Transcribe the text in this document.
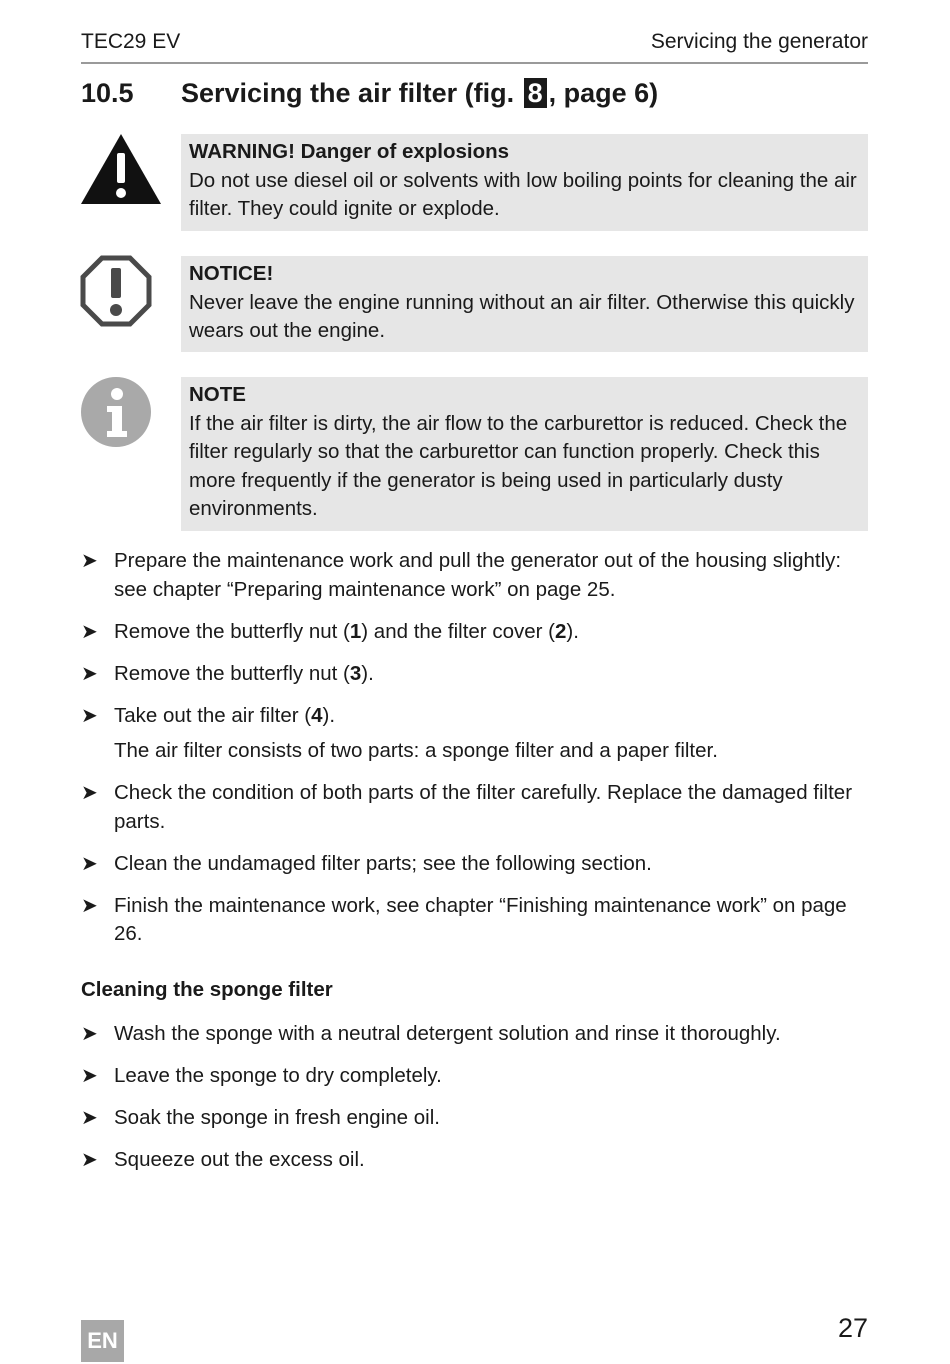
TEC29 EV	Servicing the generator
10.5 Servicing the air filter (fig. 8 , page 6)
WARNING! Danger of explosions
Do not use diesel oil or solvents with low boiling points for cleaning the air filter. They could ignite or explode.
NOTICE!
Never leave the engine running without an air filter. Otherwise this quickly wears out the engine.
NOTE
If the air filter is dirty, the air flow to the carburettor is reduced. Check the filter regularly so that the carburettor can function properly. Check this more frequently if the generator is being used in particularly dusty environments.
➤ Prepare the maintenance work and pull the generator out of the housing slightly: see chapter “Preparing maintenance work” on page 25.
➤ Remove the butterfly nut (1) and the filter cover (2).
➤ Remove the butterfly nut (3).
➤ Take out the air filter (4).
The air filter consists of two parts: a sponge filter and a paper filter.
➤ Check the condition of both parts of the filter carefully. Replace the damaged filter parts.
➤ Clean the undamaged filter parts; see the following section.
➤ Finish the maintenance work, see chapter “Finishing maintenance work” on page 26.
Cleaning the sponge filter
➤ Wash the sponge with a neutral detergent solution and rinse it thoroughly.
➤ Leave the sponge to dry completely.
➤ Soak the sponge in fresh engine oil.
➤ Squeeze out the excess oil.
EN	27
